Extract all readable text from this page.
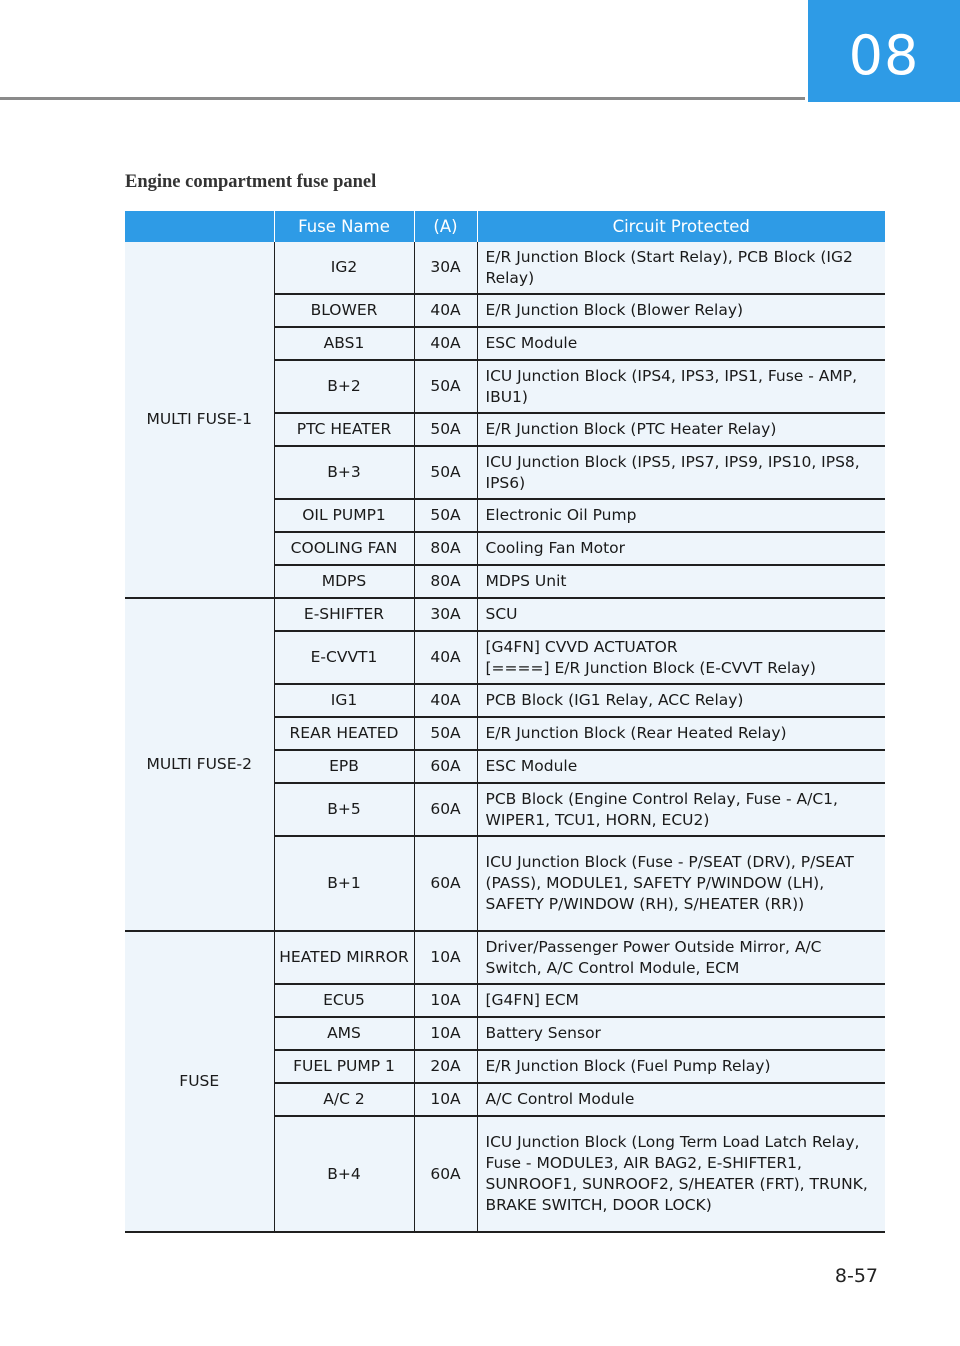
08
Engine compartment fuse panel
	Fuse Name	(A)	Circuit Protected
MULTI FUSE-1	IG2	30A	E/R Junction Block (Start Relay), PCB Block (IG2 Relay)
	BLOWER	40A	E/R Junction Block (Blower Relay)
	ABS1	40A	ESC Module
	B+2	50A	ICU Junction Block (IPS4, IPS3, IPS1, Fuse - AMP, IBU1)
	PTC HEATER	50A	E/R Junction Block (PTC Heater Relay)
	B+3	50A	ICU Junction Block (IPS5, IPS7, IPS9, IPS10, IPS8, IPS6)
	OIL PUMP1	50A	Electronic Oil Pump
	COOLING FAN	80A	Cooling Fan Motor
	MDPS	80A	MDPS Unit
MULTI FUSE-2	E-SHIFTER	30A	SCU
	E-CVVT1	40A	[G4FN] CVVD ACTUATOR
[====] E/R Junction Block (E-CVVT Relay)
	IG1	40A	PCB Block (IG1 Relay, ACC Relay)
	REAR HEATED	50A	E/R Junction Block (Rear Heated Relay)
	EPB	60A	ESC Module
	B+5	60A	PCB Block (Engine Control Relay, Fuse - A/C1, WIPER1, TCU1, HORN, ECU2)
	B+1	60A	ICU Junction Block (Fuse - P/SEAT (DRV), P/SEAT (PASS), MODULE1, SAFETY P/WINDOW (LH), SAFETY P/WINDOW (RH), S/HEATER (RR))
FUSE	HEATED MIRROR	10A	Driver/Passenger Power Outside Mirror, A/C Switch, A/C Control Module, ECM
	ECU5	10A	[G4FN] ECM
	AMS	10A	Battery Sensor
	FUEL PUMP 1	20A	E/R Junction Block (Fuel Pump Relay)
	A/C 2	10A	A/C Control Module
	B+4	60A	ICU Junction Block (Long Term Load Latch Relay, Fuse - MODULE3, AIR BAG2, E-SHIFTER1, SUNROOF1, SUNROOF2, S/HEATER (FRT), TRUNK, BRAKE SWITCH, DOOR LOCK)
8-57
